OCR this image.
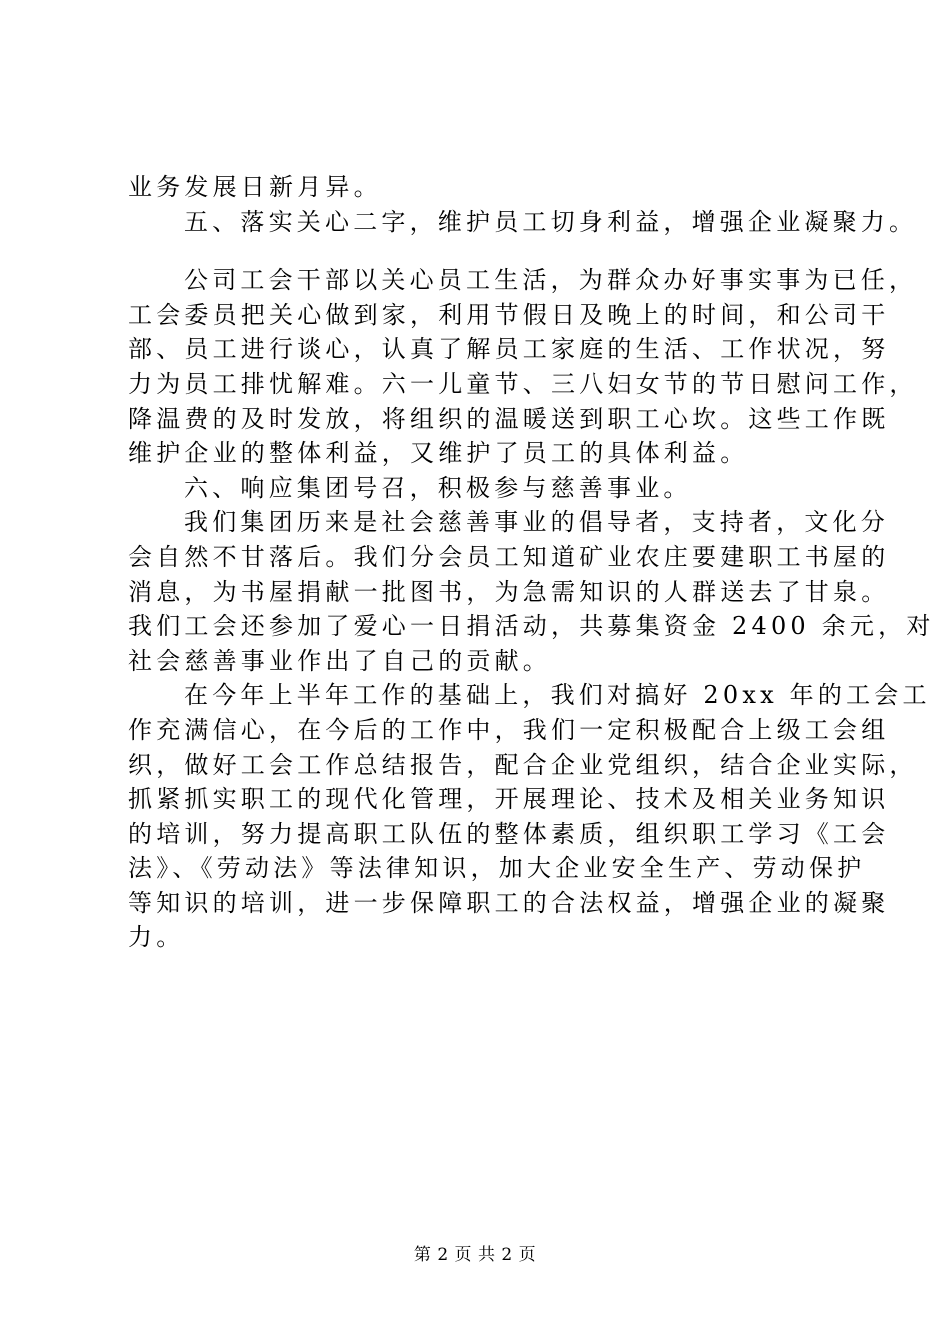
业务发展日新月异。
五、落实关心二字，维护员工切身利益，增强企业凝聚力。
公司工会干部以关心员工生活，为群众办好事实事为已任，
工会委员把关心做到家，利用节假日及晚上的时间，和公司干
部、员工进行谈心，认真了解员工家庭的生活、工作状况，努
力为员工排忧解难。六一儿童节、三八妇女节的节日慰问工作，
降温费的及时发放，将组织的温暖送到职工心坎。这些工作既
维护企业的整体利益，又维护了员工的具体利益。
六、响应集团号召，积极参与慈善事业。
我们集团历来是社会慈善事业的倡导者，支持者，文化分
会自然不甘落后。我们分会员工知道矿业农庄要建职工书屋的
消息，为书屋捐献一批图书，为急需知识的人群送去了甘泉。
我们工会还参加了爱心一日捐活动，共募集资金 2400 余元，对
社会慈善事业作出了自己的贡献。
在今年上半年工作的基础上，我们对搞好 20xx 年的工会工
作充满信心，在今后的工作中，我们一定积极配合上级工会组
织，做好工会工作总结报告，配合企业党组织，结合企业实际，
抓紧抓实职工的现代化管理，开展理论、技术及相关业务知识
的培训，努力提高职工队伍的整体素质，组织职工学习《工会
法》、《劳动法》等法律知识，加大企业安全生产、劳动保护
等知识的培训，进一步保障职工的合法权益，增强企业的凝聚
力。
第 2 页 共 2 页
